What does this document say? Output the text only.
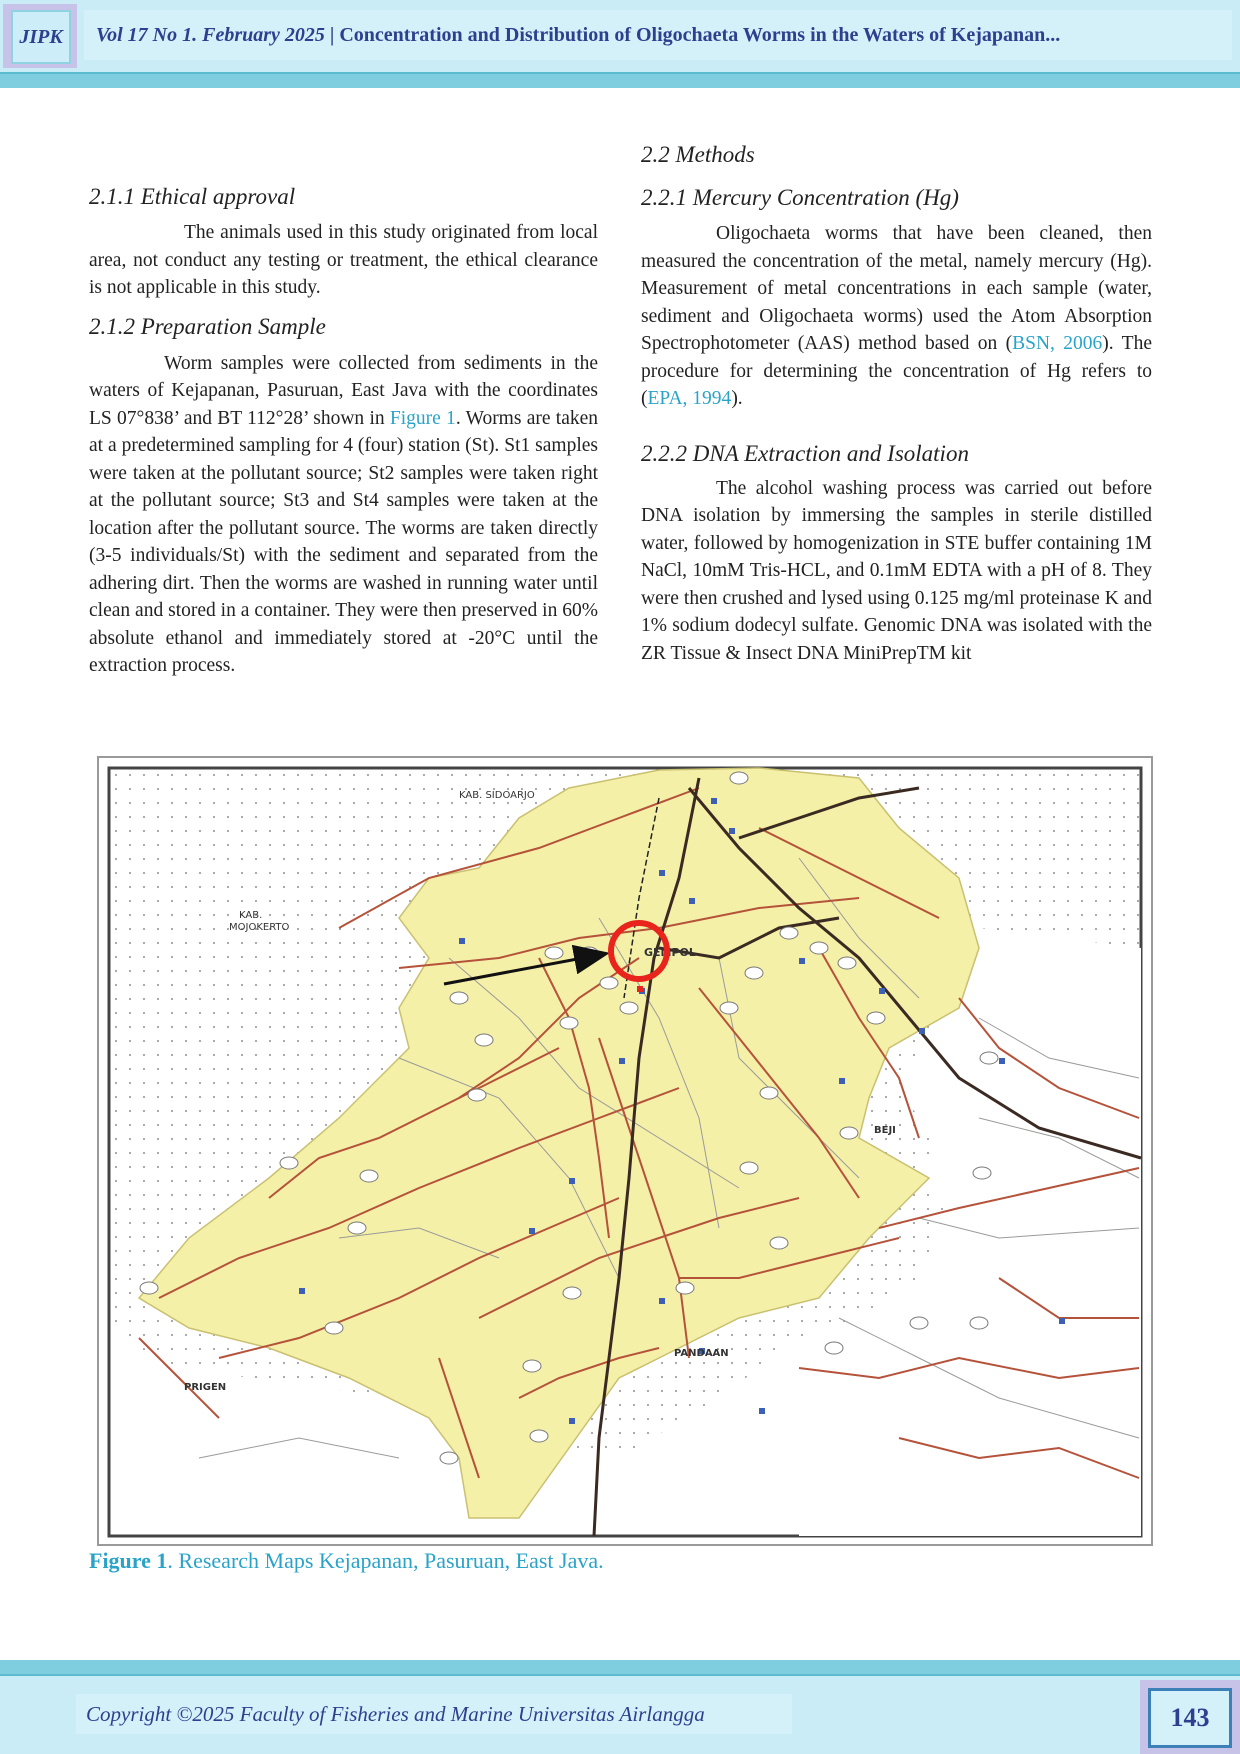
JIPK	Vol 17 No 1. February 2025 | Concentration and Distribution of Oligochaeta Worms in the Waters of Kejapanan...

2.1.1 Ethical approval

The animals used in this study originated from local area, not conduct any testing or treatment, the ethical clearance is not applicable in this study.

2.1.2 Preparation Sample

Worm samples were collected from sediments in the waters of Kejapanan, Pasuruan, East Java with the coordinates LS 07°838’ and BT 112°28’ shown in Figure 1. Worms are taken at a predetermined sampling for 4 (four) station (St). St1 samples were taken at the pollutant source; St2 samples were taken right at the pollutant source; St3 and St4 samples were taken at the location after the pollutant source. The worms are taken directly (3-5 individuals/St) with the sediment and separated from the adhering dirt. Then the worms are washed in running water until clean and stored in a container. They were then preserved in 60% absolute ethanol and immediately stored at -20°C until the extraction process.

2.2 Methods

2.2.1 Mercury Concentration (Hg)

Oligochaeta worms that have been cleaned, then measured the concentration of the metal, namely mercury (Hg). Measurement of metal concentrations in each sample (water, sediment and Oligochaeta worms) used the Atom Absorption Spectrophotometer (AAS) method based on (BSN, 2006). The procedure for determining the concentration of Hg refers to (EPA, 1994).

2.2.2 DNA Extraction and Isolation

The alcohol washing process was carried out before DNA isolation by immersing the samples in sterile distilled water, followed by homogenization in STE buffer containing 1M NaCl, 10mM Tris-HCL, and 0.1mM EDTA with a pH of 8. They were then crushed and lysed using 0.125 mg/ml proteinase K and 1% sodium dodecyl sulfate. Genomic DNA was isolated with the ZR Tissue & Insect DNA MiniPrepTM kit

KAB. SIDOARJO
KAB.
MOJOKERTO
GEMPOL
BEJI
PANDAAN
PRIGEN
Figure 1. Research Maps Kejapanan, Pasuruan, East Java.
Copyright ©2025 Faculty of Fisheries and Marine Universitas Airlangga	143
